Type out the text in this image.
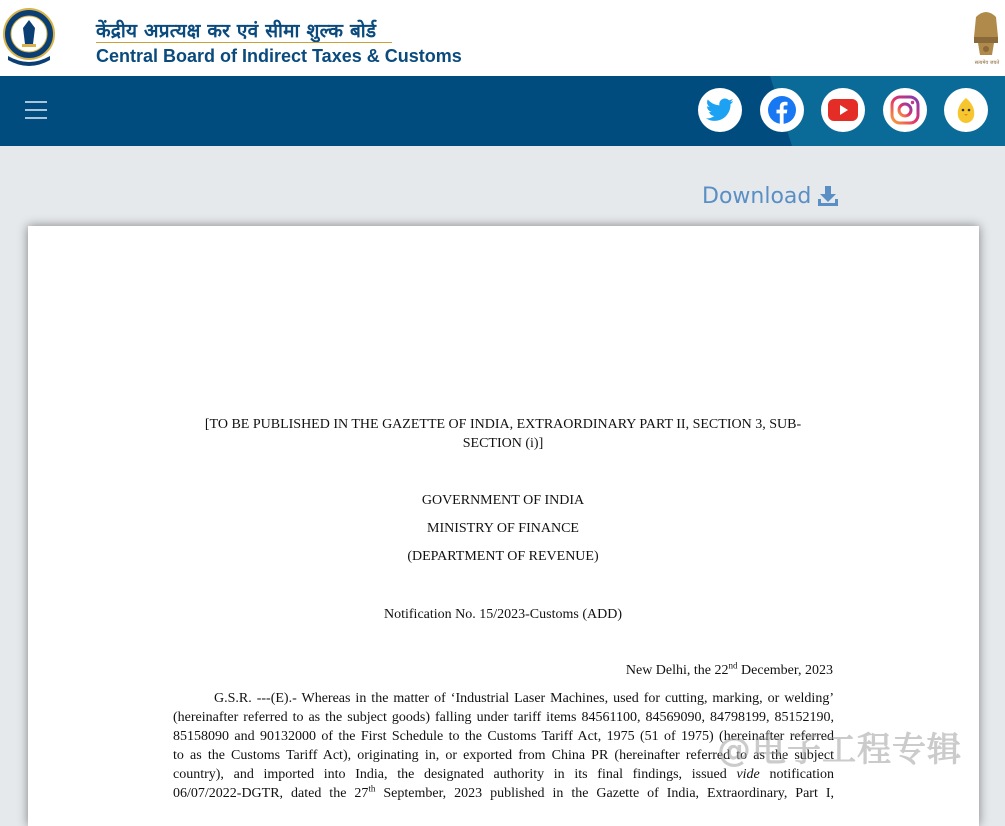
केंद्रीय अप्रत्यक्ष कर एवं सीमा शुल्क बोर्ड
Central Board of Indirect Taxes & Customs	सत्यमेव जयते
Download
[TO BE PUBLISHED IN THE GAZETTE OF INDIA, EXTRAORDINARY PART II, SECTION 3, SUB-
SECTION (i)]
GOVERNMENT OF INDIA
MINISTRY OF FINANCE
(DEPARTMENT OF REVENUE)
Notification No. 15/2023-Customs (ADD)
New Delhi, the 22nd December, 2023
G.S.R. ---(E).- Whereas in the matter of ‘Industrial Laser Machines, used for cutting, marking, or welding’
(hereinafter referred to as the subject goods) falling under tariff items 84561100, 84569090, 84798199, 85152190,
85158090 and 90132000 of the First Schedule to the Customs Tariff Act, 1975 (51 of 1975) (hereinafter referred
to as the Customs Tariff Act), originating in, or exported from China PR (hereinafter referred to as the subject
country), and imported into India, the designated authority in its final findings, issued vide notification
06/07/2022-DGTR, dated the 27th September, 2023 published in the Gazette of India, Extraordinary, Part I,
@电子工程专辑
